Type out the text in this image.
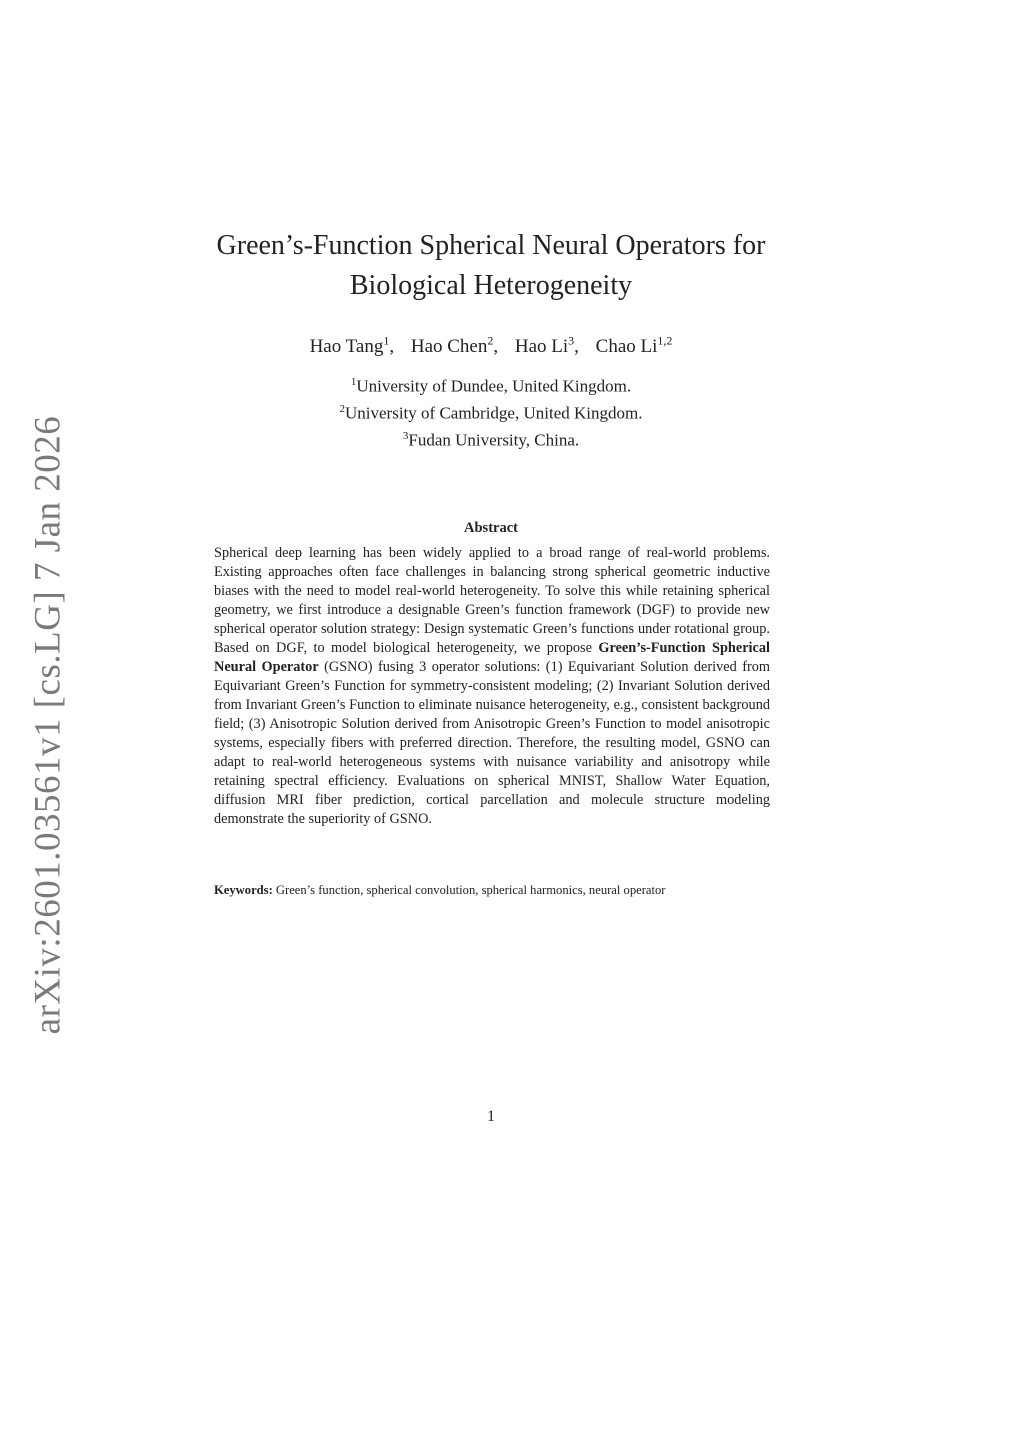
arXiv:2601.03561v1 [cs.LG] 7 Jan 2026
Green’s-Function Spherical Neural Operators for
Biological Heterogeneity
Hao Tang$^1$, Hao Chen$^2$, Hao Li$^3$, Chao Li$^{1,2}$
$^1$University of Dundee, United Kingdom.
$^2$University of Cambridge, United Kingdom.
$^3$Fudan University, China.
Abstract
Spherical deep learning has been widely applied to a broad range of real-world problems. Existing approaches often face challenges in balancing strong spherical geometric inductive biases with the need to model real-world heterogeneity. To solve this while retaining spherical geometry, we first introduce a designable Green’s function framework (DGF) to provide new spherical operator solution strategy: Design systematic Green’s functions under rotational group. Based on DGF, to model biological heterogeneity, we propose Green’s-Function Spherical Neural Operator (GSNO) fusing 3 operator solutions: (1) Equivariant Solution derived from Equivariant Green’s Function for symmetry-consistent modeling; (2) Invariant Solution derived from Invariant Green’s Function to eliminate nuisance heterogeneity, e.g., consistent background field; (3) Anisotropic Solution derived from Anisotropic Green’s Function to model anisotropic systems, especially fibers with preferred direction. Therefore, the resulting model, GSNO can adapt to real-world heterogeneous systems with nuisance variability and anisotropy while retaining spectral efficiency. Evaluations on spherical MNIST, Shallow Water Equation, diffusion MRI fiber prediction, cortical parcellation and molecule structure modeling demonstrate the superiority of GSNO.
Keywords: Green’s function, spherical convolution, spherical harmonics, neural operator
1
